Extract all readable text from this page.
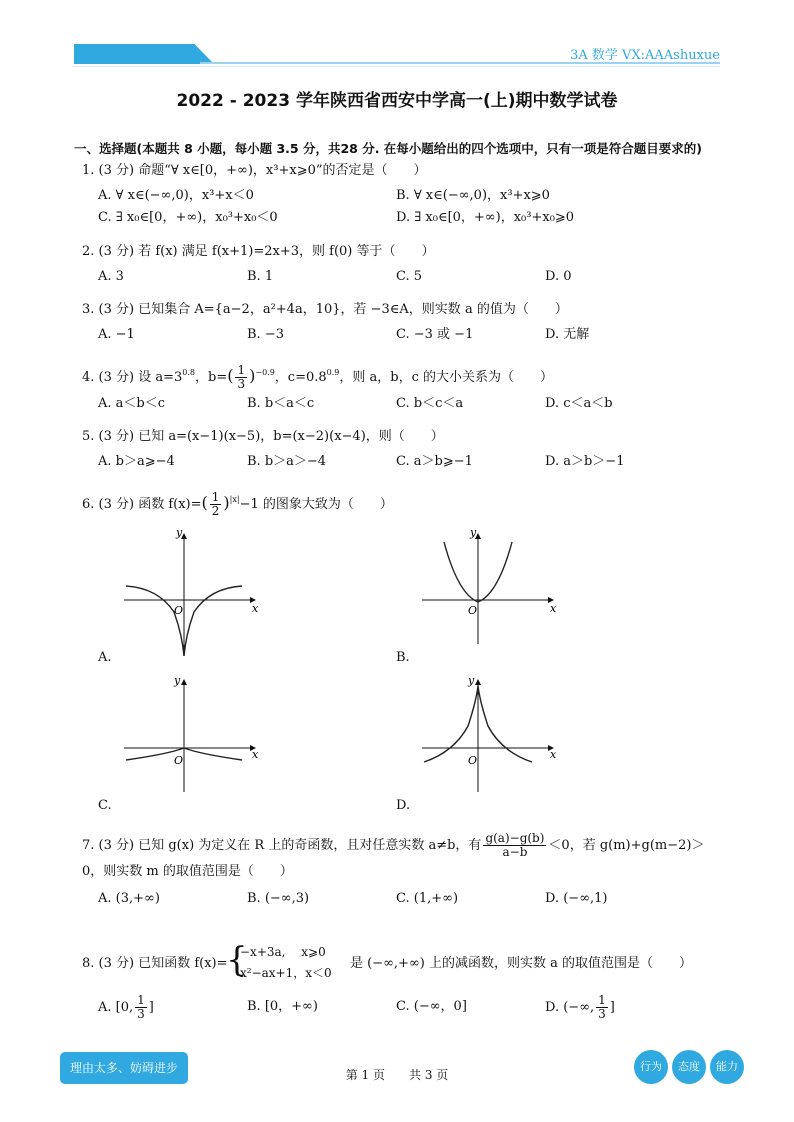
3A 数学 VX:AAAshuxue
2022 - 2023 学年陕西省西安中学高一(上)期中数学试卷
一、选择题(本题共 8 小题，每小题 3.5 分，共28 分. 在每小题给出的四个选项中，只有一项是符合题目要求的)
1. (3 分) 命题“∀ x∈[0，+∞)，x³+x⩾0”的否定是（　　）
A. ∀ x∈(−∞,0)，x³+x＜0	B. ∀ x∈(−∞,0)，x³+x⩾0
C. ∃ x₀∈[0，+∞)，x₀³+x₀＜0	D. ∃ x₀∈[0，+∞)，x₀³+x₀⩾0
2. (3 分) 若 f(x) 满足 f(x+1)=2x+3，则 f(0) 等于（　　）
A. 3	B. 1	C. 5	D. 0
3. (3 分) 已知集合 A={a−2，a²+4a，10}，若 −3∈A，则实数 a 的值为（　　）
A. −1	B. −3	C. −3 或 −1	D. 无解
4. (3 分) 设 $a=3^{0.8}$，$b=( \frac{1}{3} )^{-0.9}$，$c=0.8^{0.9}$，则 a，b，c 的大小关系为（　　）
A. a＜b＜c	B. b＜a＜c	C. b＜c＜a	D. c＜a＜b
5. (3 分) 已知 a=(x−1)(x−5)，b=(x−2)(x−4)，则（　　）
A. b＞a⩾−4	B. b＞a＞−4	C. a＞b⩾−1	D. a＞b＞−1
6. (3 分) 函数 $f(x)=( \frac{1}{2} )^{|x|}-1$ 的图象大致为（　　）
y
x
O
A.
y
x
O
B.
y
x
O
C.
y
x
O
D.
7. (3 分) 已知 g(x) 为定义在 R 上的奇函数，且对任意实数 a≠b，有 $\frac{g(a)-g(b)}{a-b} <0$，若 g(m)+g(m−2)＞
0，则实数 m 的取值范围是（　　）
A. (3,+∞)	B. (−∞,3)	C. (1,+∞)	D. (−∞,1)
8. (3 分) 已知函数 f(x)=
{
−x+3a,　 x⩾0
x²−ax+1，x＜0
是 (−∞,+∞) 上的减函数，则实数 a 的取值范围是（　　）
A. [0, $\frac{1}{3}$ ]	B. [0，+∞)	C. (−∞，0]	D. (−∞, $\frac{1}{3}$ ]
理由太多、妨碍进步	第 1 页　　共 3 页
行为	态度	能力
